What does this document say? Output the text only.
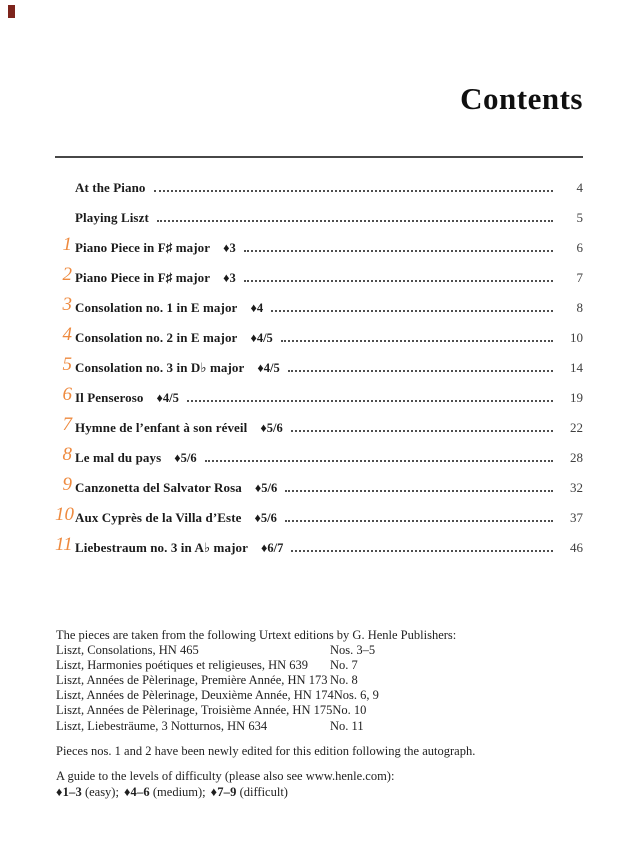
Contents
At the Piano	4
Playing Liszt	5
1 Piano Piece in F♯ major ♦3	6
2 Piano Piece in F♯ major ♦3	7
3 Consolation no. 1 in E major ♦4	8
4 Consolation no. 2 in E major ♦4/5	10
5 Consolation no. 3 in D♭ major ♦4/5	14
6 Il Penseroso ♦4/5	19
7 Hymne de l’enfant à son réveil ♦5/6	22
8 Le mal du pays ♦5/6	28
9 Canzonetta del Salvator Rosa ♦5/6	32
10 Aux Cyprès de la Villa d’Este ♦5/6	37
11 Liebestraum no. 3 in A♭ major ♦6/7	46
The pieces are taken from the following Urtext editions by G. Henle Publishers:
Liszt, Consolations, HN 465	Nos. 3–5
Liszt, Harmonies poétiques et religieuses, HN 639	No. 7
Liszt, Années de Pèlerinage, Première Année, HN 173 No. 8
Liszt, Années de Pèlerinage, Deuxième Année, HN 174 Nos. 6, 9
Liszt, Années de Pèlerinage, Troisième Année, HN 175 No. 10
Liszt, Liebesträume, 3 Notturnos, HN 634	No. 11

Pieces nos. 1 and 2 have been newly edited for this edition following the autograph.

A guide to the levels of difficulty (please also see www.henle.com):

♦1–3 (easy); ♦4–6 (medium); ♦7–9 (difficult)
